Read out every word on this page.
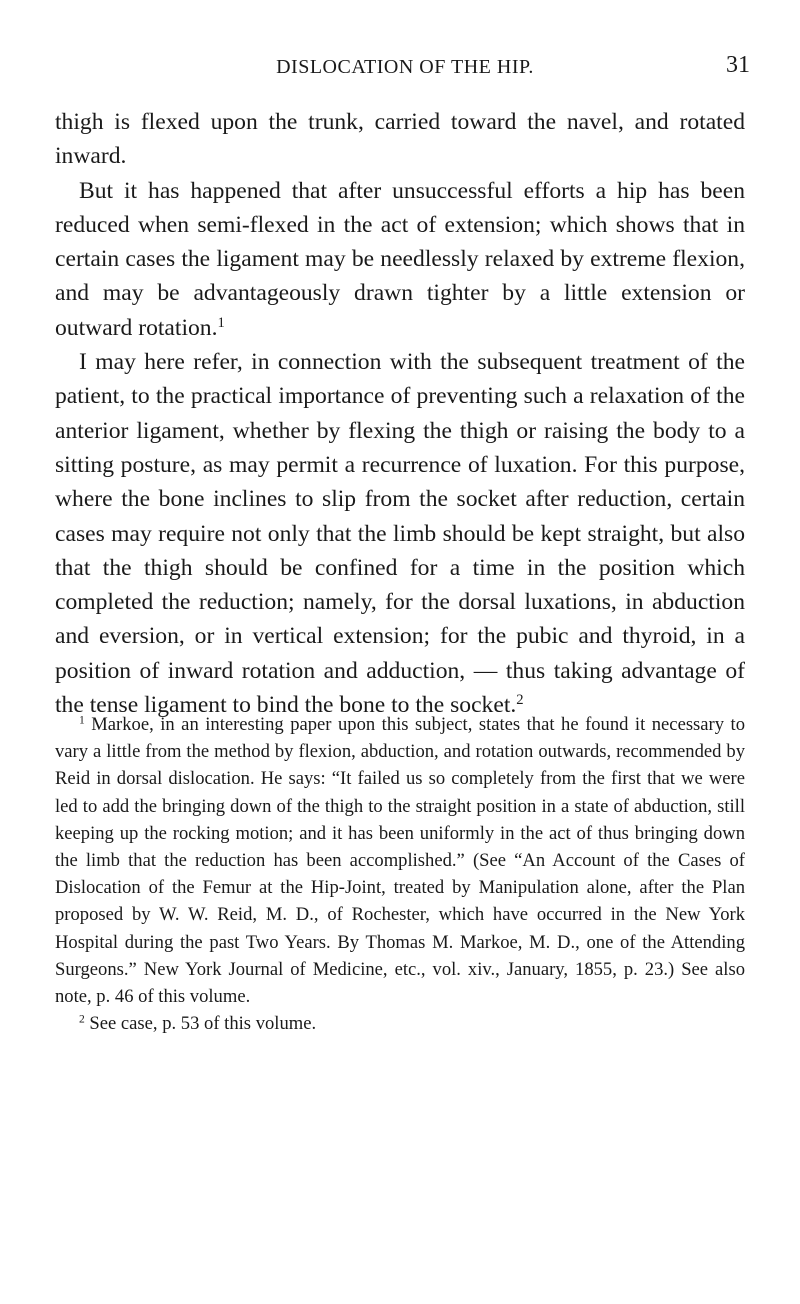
DISLOCATION OF THE HIP.	31

thigh is flexed upon the trunk, carried toward the navel, and rotated inward.

But it has happened that after unsuccessful efforts a hip has been reduced when semi-flexed in the act of extension; which shows that in certain cases the ligament may be needlessly relaxed by extreme flexion, and may be advantageously drawn tighter by a little extension or outward rotation.$^1$

I may here refer, in connection with the subsequent treatment of the patient, to the practical importance of preventing such a relaxation of the anterior ligament, whether by flexing the thigh or raising the body to a sitting posture, as may permit a recurrence of luxation. For this purpose, where the bone inclines to slip from the socket after reduction, certain cases may require not only that the limb should be kept straight, but also that the thigh should be confined for a time in the position which completed the reduction; namely, for the dorsal luxations, in abduction and eversion, or in vertical extension; for the pubic and thyroid, in a position of inward rotation and adduction, — thus taking advantage of the tense ligament to bind the bone to the socket.$^2$

$^1$ Markoe, in an interesting paper upon this subject, states that he found it necessary to vary a little from the method by flexion, abduction, and rotation outwards, recommended by Reid in dorsal dislocation. He says: “It failed us so completely from the first that we were led to add the bringing down of the thigh to the straight position in a state of abduction, still keeping up the rocking motion; and it has been uniformly in the act of thus bringing down the limb that the reduction has been accomplished.” (See “An Account of the Cases of Dislocation of the Femur at the Hip-Joint, treated by Manipulation alone, after the Plan proposed by W. W. Reid, M. D., of Rochester, which have occurred in the New York Hospital during the past Two Years. By Thomas M. Markoe, M. D., one of the Attending Surgeons.” New York Journal of Medicine, etc., vol. xiv., January, 1855, p. 23.) See also note, p. 46 of this volume.

$^2$ See case, p. 53 of this volume.
